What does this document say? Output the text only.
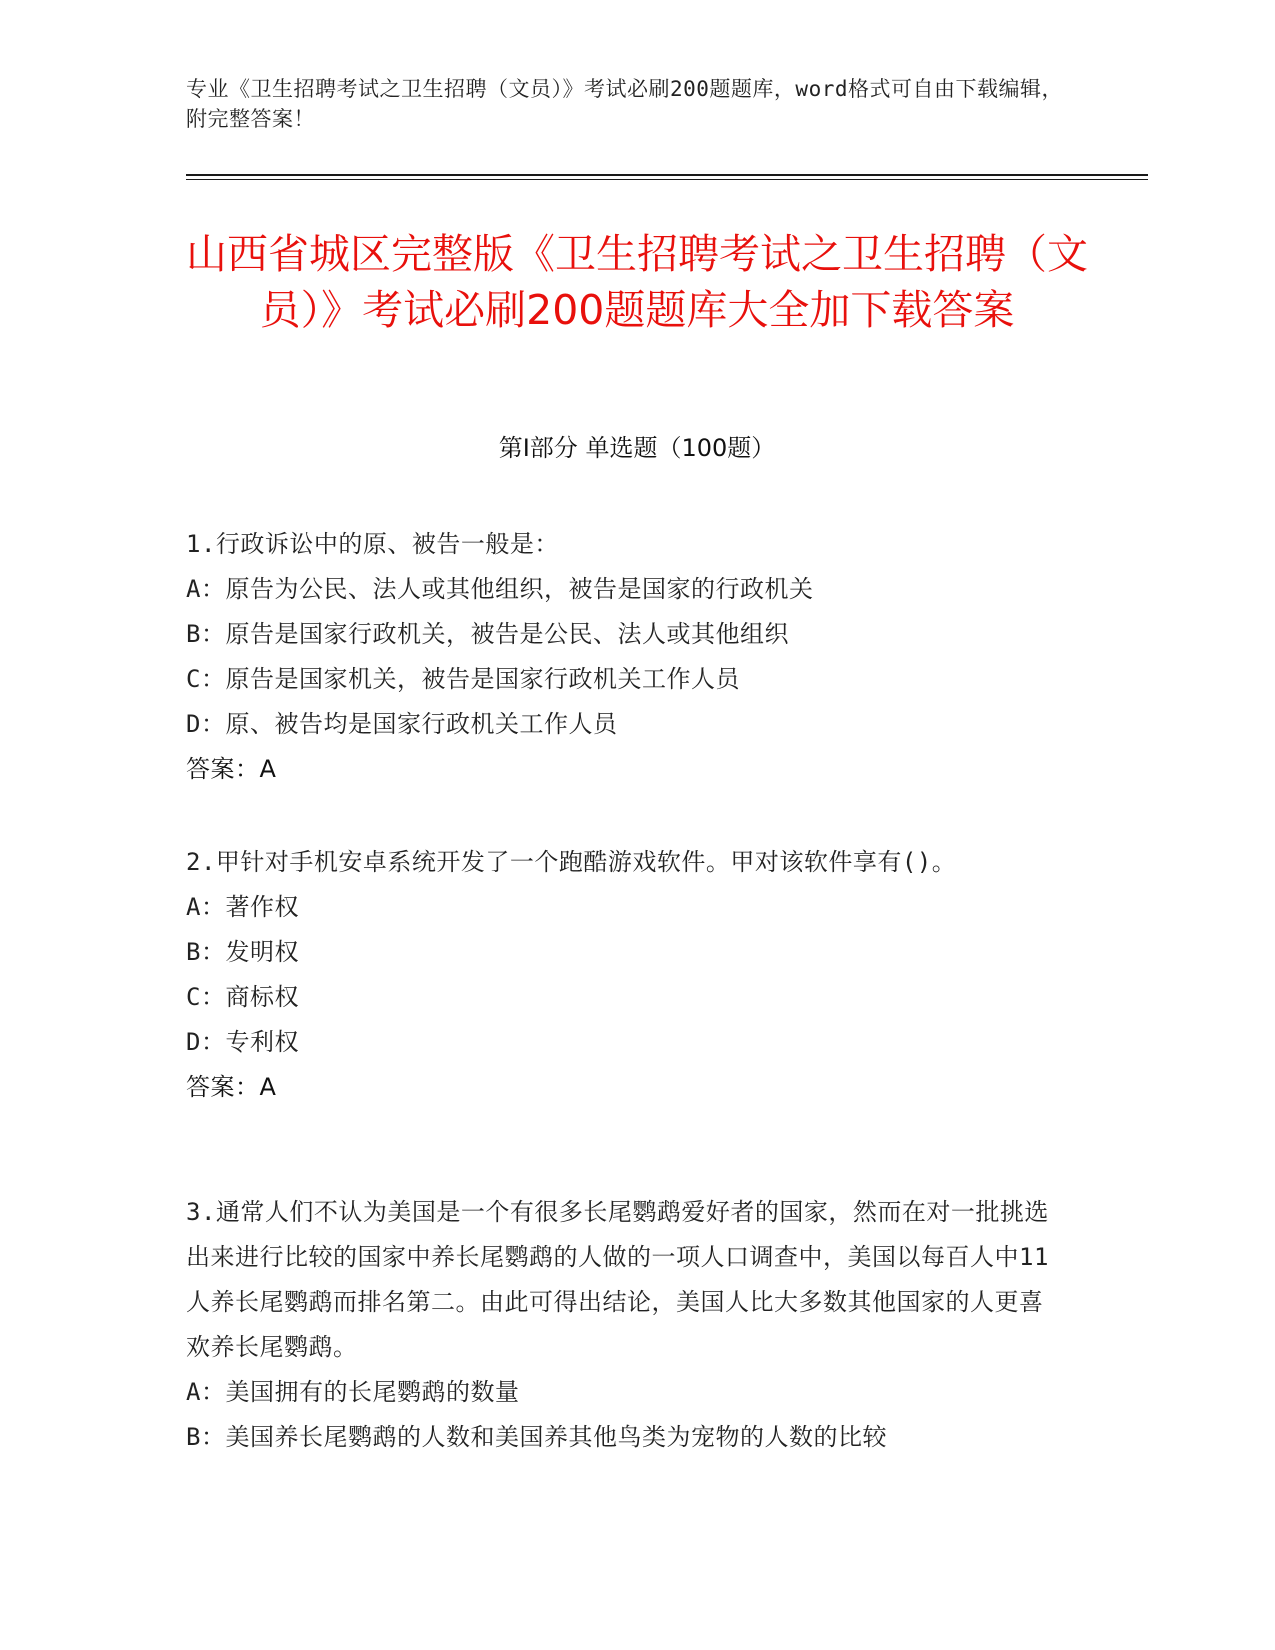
专业《卫生招聘考试之卫生招聘（文员）》考试必刷200题题库，word格式可自由下载编辑，附完整答案！
山西省城区完整版《卫生招聘考试之卫生招聘（文员）》考试必刷200题题库大全加下载答案
第Ⅰ部分 单选题（100题）

1.行政诉讼中的原、被告一般是：

A：原告为公民、法人或其他组织，被告是国家的行政机关

B：原告是国家行政机关，被告是公民、法人或其他组织

C：原告是国家机关，被告是国家行政机关工作人员

D：原、被告均是国家行政机关工作人员

答案：A

2.甲针对手机安卓系统开发了一个跑酷游戏软件。甲对该软件享有()。

A：著作权

B：发明权

C：商标权

D：专利权

答案：A

3.通常人们不认为美国是一个有很多长尾鹦鹉爱好者的国家，然而在对一批挑选出来进行比较的国家中养长尾鹦鹉的人做的一项人口调查中，美国以每百人中11人养长尾鹦鹉而排名第二。由此可得出结论，美国人比大多数其他国家的人更喜欢养长尾鹦鹉。

A：美国拥有的长尾鹦鹉的数量

B：美国养长尾鹦鹉的人数和美国养其他鸟类为宠物的人数的比较
